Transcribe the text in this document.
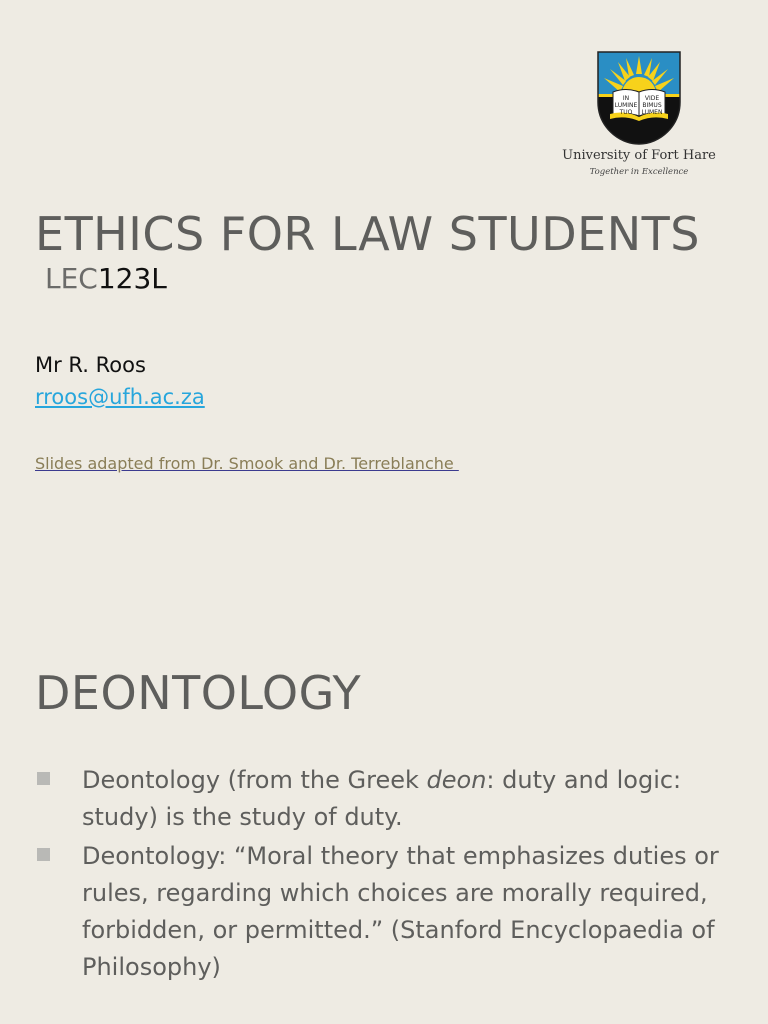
IN
LUMINE
TUO
VIDE
BIMUS
LUMEN
University of Fort Hare
Together in Excellence
ETHICS FOR LAW STUDENTS
LEC123L
Mr R. Roos
rroos@ufh.ac.za
Slides adapted from Dr. Smook and Dr. Terreblanche
DEONTOLOGY
Deontology (from the Greek deon: duty and logic: study) is the study of duty.
Deontology: “Moral theory that emphasizes duties or rules, regarding which choices are morally required, forbidden, or permitted.” (Stanford Encyclopaedia of Philosophy)
